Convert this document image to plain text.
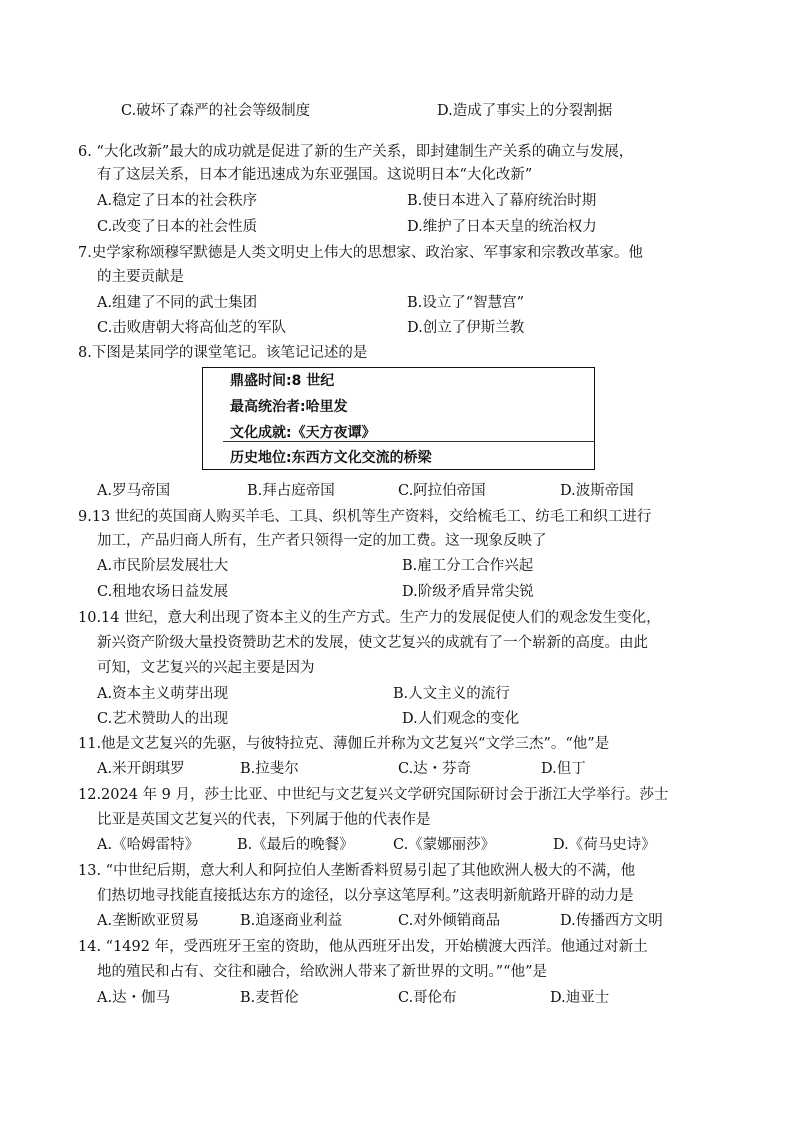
C.破坏了森严的社会等级制度	D.造成了事实上的分裂割据
6. “大化改新”最大的成功就是促进了新的生产关系，即封建制生产关系的确立与发展，
有了这层关系，日本才能迅速成为东亚强国。这说明日本“大化改新”
A.稳定了日本的社会秩序	B.使日本进入了幕府统治时期
C.改变了日本的社会性质	D.维护了日本天皇的统治权力
7.史学家称颂穆罕默德是人类文明史上伟大的思想家、政治家、军事家和宗教改革家。他
的主要贡献是
A.组建了不同的武士集团	B.设立了“智慧宫”
C.击败唐朝大将高仙芝的军队	D.创立了伊斯兰教
8.下图是某同学的课堂笔记。该笔记记述的是
鼎盛时间:8 世纪
最高统治者:哈里发
文化成就:《天方夜谭》
历史地位:东西方文化交流的桥梁
A.罗马帝国	B.拜占庭帝国	C.阿拉伯帝国	D.波斯帝国
9.13 世纪的英国商人购买羊毛、工具、织机等生产资料，交给梳毛工、纺毛工和织工进行
加工，产品归商人所有，生产者只领得一定的加工费。这一现象反映了
A.市民阶层发展壮大	B.雇工分工合作兴起
C.租地农场日益发展	D.阶级矛盾异常尖锐
10.14 世纪，意大利出现了资本主义的生产方式。生产力的发展促使人们的观念发生变化，
新兴资产阶级大量投资赞助艺术的发展，使文艺复兴的成就有了一个崭新的高度。由此
可知，文艺复兴的兴起主要是因为
A.资本主义萌芽出现	B.人文主义的流行
C.艺术赞助人的出现	D.人们观念的变化
11.他是文艺复兴的先驱，与彼特拉克、薄伽丘并称为文艺复兴“文学三杰”。“他”是
A.米开朗琪罗	B.拉斐尔	C.达・芬奇	D.但丁
12.2024 年 9 月，莎士比亚、中世纪与文艺复兴文学研究国际研讨会于浙江大学举行。莎士
比亚是英国文艺复兴的代表，下列属于他的代表作是
A.《哈姆雷特》	B.《最后的晚餐》	C.《蒙娜丽莎》	D.《荷马史诗》
13. “中世纪后期，意大利人和阿拉伯人垄断香料贸易引起了其他欧洲人极大的不满，他
们热切地寻找能直接抵达东方的途径，以分享这笔厚利。”这表明新航路开辟的动力是
A.垄断欧亚贸易	B.追逐商业利益	C.对外倾销商品	D.传播西方文明
14. “1492 年，受西班牙王室的资助，他从西班牙出发，开始横渡大西洋。他通过对新土
地的殖民和占有、交往和融合，给欧洲人带来了新世界的文明。”“他”是
A.达・伽马	B.麦哲伦	C.哥伦布	D.迪亚士
